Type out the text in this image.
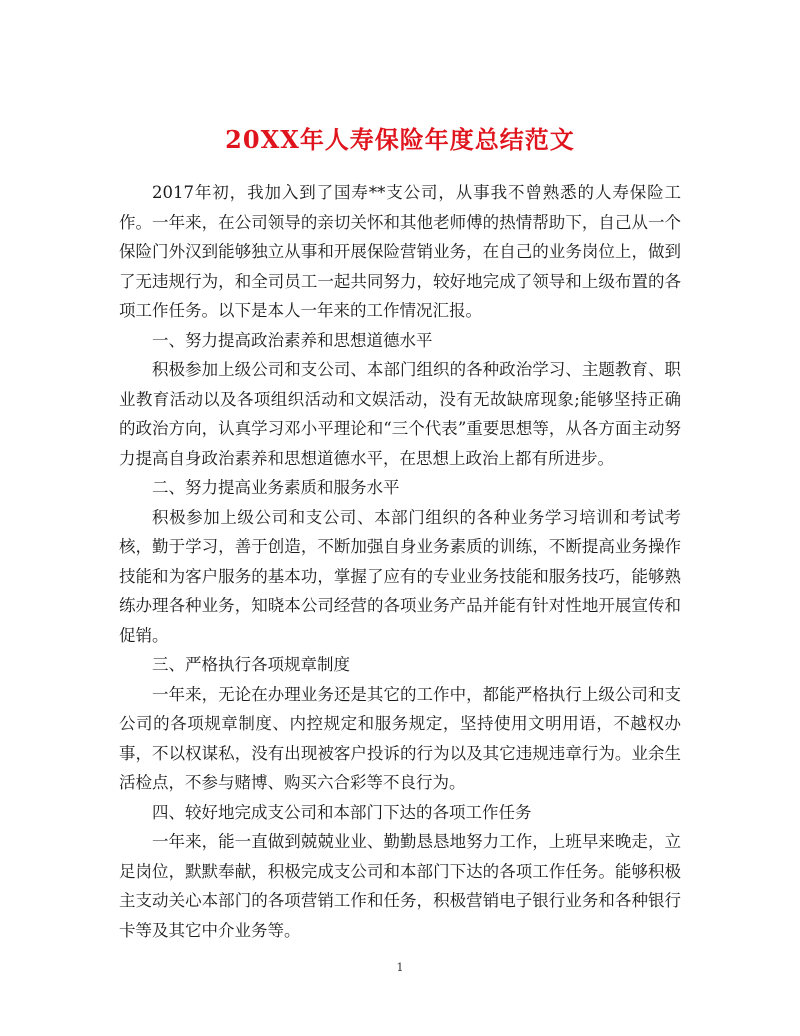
20XX年人寿保险年度总结范文

2017年初，我加入到了国寿**支公司，从事我不曾熟悉的人寿保险工作。一年来，在公司领导的亲切关怀和其他老师傅的热情帮助下，自己从一个保险门外汉到能够独立从事和开展保险营销业务，在自己的业务岗位上，做到了无违规行为，和全司员工一起共同努力，较好地完成了领导和上级布置的各项工作任务。以下是本人一年来的工作情况汇报。

一、努力提高政治素养和思想道德水平

积极参加上级公司和支公司、本部门组织的各种政治学习、主题教育、职业教育活动以及各项组织活动和文娱活动，没有无故缺席现象;能够坚持正确的政治方向，认真学习邓小平理论和“三个代表”重要思想等，从各方面主动努力提高自身政治素养和思想道德水平，在思想上政治上都有所进步。

二、努力提高业务素质和服务水平

积极参加上级公司和支公司、本部门组织的各种业务学习培训和考试考核，勤于学习，善于创造，不断加强自身业务素质的训练，不断提高业务操作技能和为客户服务的基本功，掌握了应有的专业业务技能和服务技巧，能够熟练办理各种业务，知晓本公司经营的各项业务产品并能有针对性地开展宣传和促销。

三、严格执行各项规章制度

一年来，无论在办理业务还是其它的工作中，都能严格执行上级公司和支公司的各项规章制度、内控规定和服务规定，坚持使用文明用语，不越权办事，不以权谋私，没有出现被客户投诉的行为以及其它违规违章行为。业余生活检点，不参与赌博、购买六合彩等不良行为。

四、较好地完成支公司和本部门下达的各项工作任务

一年来，能一直做到兢兢业业、勤勤恳恳地努力工作，上班早来晚走，立足岗位，默默奉献，积极完成支公司和本部门下达的各项工作任务。能够积极主支动关心本部门的各项营销工作和任务，积极营销电子银行业务和各种银行卡等及其它中介业务等。

1
